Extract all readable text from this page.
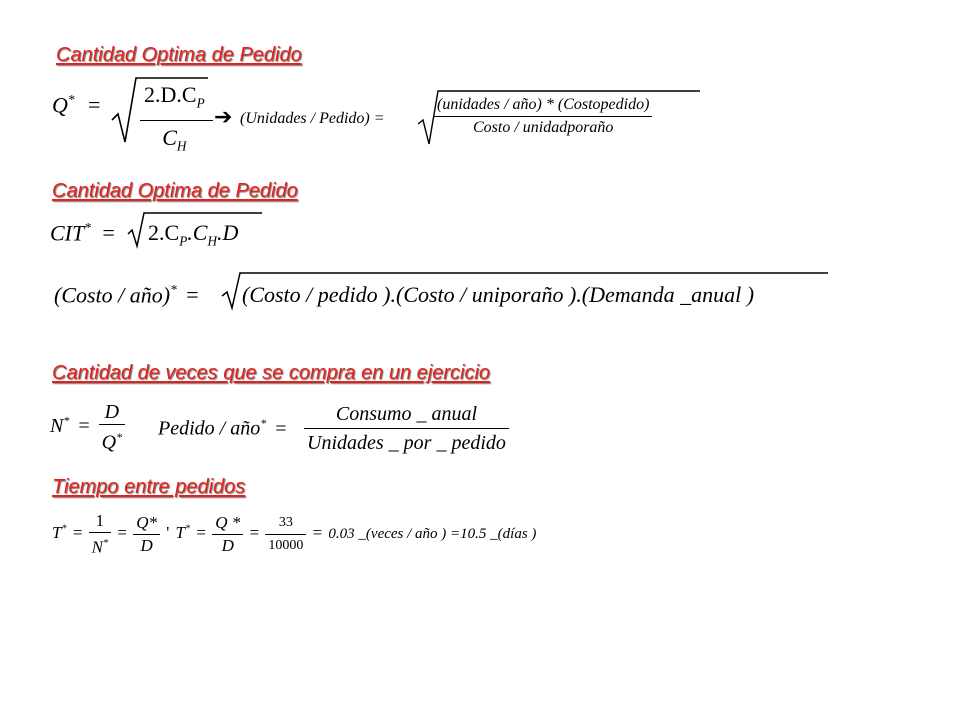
Cantidad Optima de Pedido
$Q^* = \frac{2.D.C_P}{C_H}$ ➔ (Unidades / Pedido) =	$\frac{\text{(unidades / año) * (Costopedido)}}{\text{Costo / unidadporaño}}$
Cantidad Optima de Pedido
$CIT^* = 2.C_P.C_H.D$
(Costo / año)* = (Costo / pedido ).(Costo / uniporaño ).(Demanda _anual )
Cantidad de veces que se compra en un ejercicio
$N^* = \frac{D}{Q^*}$ Pedido / año* = $\frac{\text{Consumo \_ anual}}{\text{Unidades \_ por \_ pedido}}$
Tiempo entre pedidos
$T^* = \frac{1}{N^*} = \frac{Q*}{D}$ ' $T^* = \frac{Q *}{D} = \frac{33}{10000} = 0.03$ _(veces / año ) =10.5 _(días )
